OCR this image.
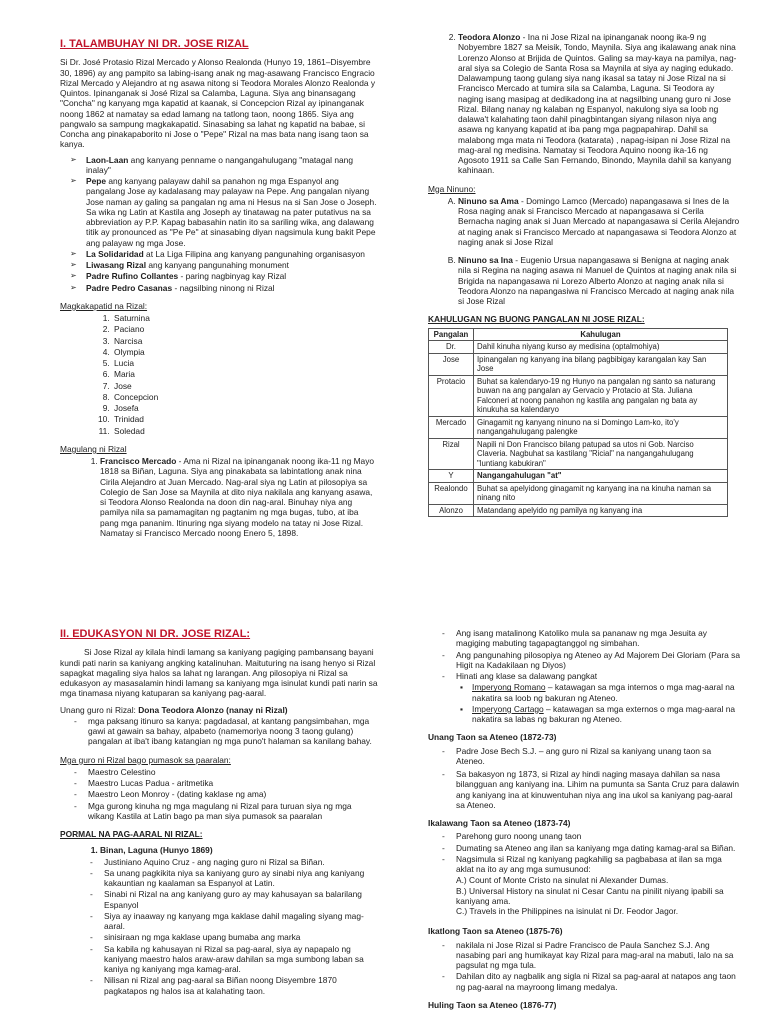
I. TALAMBUHAY NI DR. JOSE RIZAL

Si Dr. José Protasio Rizal Mercado y Alonso Realonda (Hunyo 19, 1861–Disyembre 30, 1896) ay ang pampito sa labing-isang anak ng mag-asawang Francisco Engracio Rizal Mercado y Alejandro at ng asawa nitong si Teodora Morales Alonzo Realonda y Quintos. Ipinanganak si José Rizal sa Calamba, Laguna. Siya ang binansagang "Concha" ng kanyang mga kapatid at kaanak, si Concepcion Rizal ay ipinanganak noong 1862 at namatay sa edad lamang na tatlong taon, noong 1865. Siya ang pangwalo sa sampung magkakapatid. Sinasabing sa lahat ng kapatid na babae, si Concha ang pinakapaborito ni Jose o "Pepe" Rizal na mas bata nang isang taon sa kanya.

➢ Laon-Laan ang kanyang penname o nangangahulugang "matagal nang inalay"
➢ Pepe ang kanyang palayaw dahil sa panahon ng mga Espanyol ang pangalang Jose ay kadalasang may palayaw na Pepe. Ang pangalan niyang Jose naman ay galing sa pangalan ng ama ni Hesus na si San Jose o Joseph. Sa wika ng Latin at Kastila ang Joseph ay tinatawag na pater putativus na sa abbreviation ay P.P. Kapag babasahin natin ito sa sariling wika, ang dalawang titik ay pronounced as "Pe Pe" at sinasabing diyan nagsimula kung bakit Pepe ang palayaw ng mga Jose.
➢ La Solidaridad at La Liga Filipina ang kanyang pangunahing organisasyon
➢ Liwasang Rizal ang kanyang pangunahing monument
➢ Padre Rufino Collantes - paring nagbinyag kay Rizal
➢ Padre Pedro Casanas - nagsilbing ninong ni Rizal
Magkakapatid na Rizal:
1. Saturnina
2. Paciano
3. Narcisa
4. Olympia
5. Lucia
6. Maria
7. Jose
8. Concepcion
9. Josefa
10. Trinidad
11. Soledad
Magulang ni Rizal
1. Francisco Mercado - Ama ni Rizal na ipinanganak noong ika-11 ng Mayo 1818 sa Biñan, Laguna. Siya ang pinakabata sa labintatlong anak nina Cirila Alejandro at Juan Mercado. Nag-aral siya ng Latin at pilosopiya sa Colegio de San Jose sa Maynila at dito niya nakilala ang kanyang asawa, si Teodora Alonso Realonda na doon din nag-aral. Binuhay niya ang pamilya nila sa pamamagitan ng pagtanim ng mga bugas, tubo, at iba pang mga pananim. Itinuring nga siyang modelo na tatay ni Jose Rizal. Namatay si Francisco Mercado noong Enero 5, 1898.
2. Teodora Alonzo - Ina ni Jose Rizal na ipinanganak noong ika-9 ng Nobyembre 1827 sa Meisik, Tondo, Maynila. Siya ang ikalawang anak nina Lorenzo Alonso at Brijida de Quintos. Galing sa may-kaya na pamilya, nag-aral siya sa Colegio de Santa Rosa sa Maynila at siya ay naging edukado. Dalawampung taong gulang siya nang ikasal sa tatay ni Jose Rizal na si Francisco Mercado at tumira sila sa Calamba, Laguna. Si Teodora ay naging isang masipag at dedikadong ina at nagsilbing unang guro ni Jose Rizal. Bilang nanay ng kalaban ng Espanyol, nakulong siya sa loob ng dalawa't kalahating taon dahil pinagbintangan siyang nilason niya ang asawa ng kanyang kapatid at iba pang mga pagpapahirap. Dahil sa malabong mga mata ni Teodora (katarata) , napag-isipan ni Jose Rizal na mag-aral ng medisina. Namatay si Teodora Aquino noong ika-16 ng Agosoto 1911 sa Calle San Fernando, Binondo, Maynila dahil sa kanyang kahinaan.
Mga Ninuno:
A. Ninuno sa Ama - Domingo Lamco (Mercado) napangasawa si Ines de la Rosa naging anak si Francisco Mercado at napangasawa si Cerila Bernacha naging anak si Juan Mercado at napangasawa si Cerila Alejandro at naging anak si Francisco Mercado at napangasawa si Teodora Alonzo at naging anak si Jose Rizal
B. Ninuno sa Ina - Eugenio Ursua napangasawa si Benigna at naging anak nila si Regina na naging asawa ni Manuel de Quintos at naging anak nila si Brigida na napangasawa ni Lorezo Alberto Alonzo at naging anak nila si Teodora Alonzo na napangasiwa ni Francisco Mercado at naging anak nila si Jose Rizal
KAHULUGAN NG BUONG PANGALAN NI JOSE RIZAL:
Pangalan	Kahulugan
Dr.	Dahil kinuha niyang kurso ay medisina (optalmohiya)
Jose	Ipinangalan ng kanyang ina bilang pagbibigay karangalan kay San Jose
Protacio	Buhat sa kalendaryo-19 ng Hunyo na pangalan ng santo sa naturang buwan na ang pangalan ay Gervacio y Protacio at Sta. Juliana Falconeri at noong panahon ng kastila ang pangalan ng bata ay kinukuha sa kalendaryo
Mercado	Ginagamit ng kanyang ninuno na si Domingo Lam-ko, ito'y nangangahulugang palengke
Rizal	Napili ni Don Francisco bilang patupad sa utos ni Gob. Narciso Claveria. Nagbuhat sa kastilang "Ricial" na nangangahulugang "luntiang kabukiran"
Y	Nangangahulugan "at"
Realondo	Buhat sa apelyidong ginagamit ng kanyang ina na kinuha naman sa ninang nito
Alonzo	Matandang apelyido ng pamilya ng kanyang ina
II. EDUKASYON NI DR. JOSE RIZAL:

Si Jose Rizal ay kilala hindi lamang sa kaniyang pagiging pambansang bayani kundi pati narin sa kaniyang angking katalinuhan. Maituturing na isang henyo si Rizal sapagkat magaling siya halos sa lahat ng larangan. Ang pilosopiya ni Rizal sa edukasyon ay masasalamin hindi lamang sa kaniyang mga isinulat kundi pati narin sa mga tinamasa niyang katuparan sa kaniyang pag-aaral.

Unang guro ni Rizal: Dona Teodora Alonzo (nanay ni Rizal)

- mga paksang itinuro sa kanya: pagdadasal, at kantang pangsimbahan, mga gawi at gawain sa bahay, alpabeto (namemoriya noong 3 taong gulang) pangalan at iba't ibang katangian ng mga puno't halaman sa kanilang bahay.
Mga guro ni Rizal bago pumasok sa paaralan:
- Maestro Celestino
- Maestro Lucas Padua - aritmetika
- Maestro Leon Monroy - (dating kaklase ng ama)
- Mga gurong kinuha ng mga magulang ni Rizal para turuan siya ng mga wikang Kastila at Latin bago pa man siya pumasok sa paaralan
PORMAL NA PAG-AARAL NI RIZAL:
1. Binan, Laguna (Hunyo 1869)
- Justiniano Aquino Cruz - ang naging guro ni Rizal sa Biñan.
- Sa unang pagkikita niya sa kaniyang guro ay sinabi niya ang kaniyang kakauntian ng kaalaman sa Espanyol at Latin.
- Sinabi ni Rizal na ang kaniyang guro ay may kahusayan sa balarilang Espanyol
- Siya ay inaaway ng kanyang mga kaklase dahil magaling siyang mag-aaral.
- sinisiraan ng mga kaklase upang bumaba ang marka
- Sa kabila ng kahusayan ni Rizal sa pag-aaral, siya ay napapalo ng kaniyang maestro halos araw-araw dahilan sa mga sumbong laban sa kaniya ng kaniyang mga kamag-aral.
- Nilisan ni Rizal ang pag-aaral sa Biñan noong Disyembre 1870 pagkatapos ng halos isa at kalahating taon.
- Ang isang matalinong Katoliko mula sa pananaw ng mga Jesuita ay magiging mabuting tagapagtanggol ng simbahan.
- Ang pangunahing pilosopiya ng Ateneo ay Ad Majorem Dei Gloriam (Para sa Higit na Kadakilaan ng Diyos)
- Hinati ang klase sa dalawang pangkat
▪ Imperyong Romano – katawagan sa mga internos o mga mag-aaral na nakatira sa loob ng bakuran ng Ateneo.
▪ Imperyong Cartago – katawagan sa mga externos o mga mag-aaral na nakatira sa labas ng bakuran ng Ateneo.
Unang Taon sa Ateneo (1872-73)
- Padre Jose Bech S.J. – ang guro ni Rizal sa kaniyang unang taon sa Ateneo.
- Sa bakasyon ng 1873, si Rizal ay hindi naging masaya dahilan sa nasa bilangguan ang kaniyang ina. Lihim na pumunta sa Santa Cruz para dalawin ang kaniyang ina at kinuwentuhan niya ang ina ukol sa kaniyang pag-aaral sa Ateneo.
Ikalawang Taon sa Ateneo (1873-74)
- Parehong guro noong unang taon
- Dumating sa Ateneo ang ilan sa kaniyang mga dating kamag-aral sa Biñan.
- Nagsimula si Rizal ng kaniyang pagkahilig sa pagbabasa at ilan sa mga aklat na ito ay ang mga sumusunod:
A.) Count of Monte Cristo na sinulat ni Alexander Dumas.
B.) Universal History na sinulat ni Cesar Cantu na pinilit niyang ipabili sa kaniyang ama.
C.) Travels in the Philippines na isinulat ni Dr. Feodor Jagor.
Ikatlong Taon sa Ateneo (1875-76)
- nakilala ni Jose Rizal si Padre Francisco de Paula Sanchez S.J. Ang nasabing pari ang humikayat kay Rizal para mag-aral na mabuti, lalo na sa pagsulat ng mga tula.
- Dahilan dito ay nagbalik ang sigla ni Rizal sa pag-aaral at natapos ang taon ng pag-aaral na mayroong limang medalya.
Huling Taon sa Ateneo (1876-77)
